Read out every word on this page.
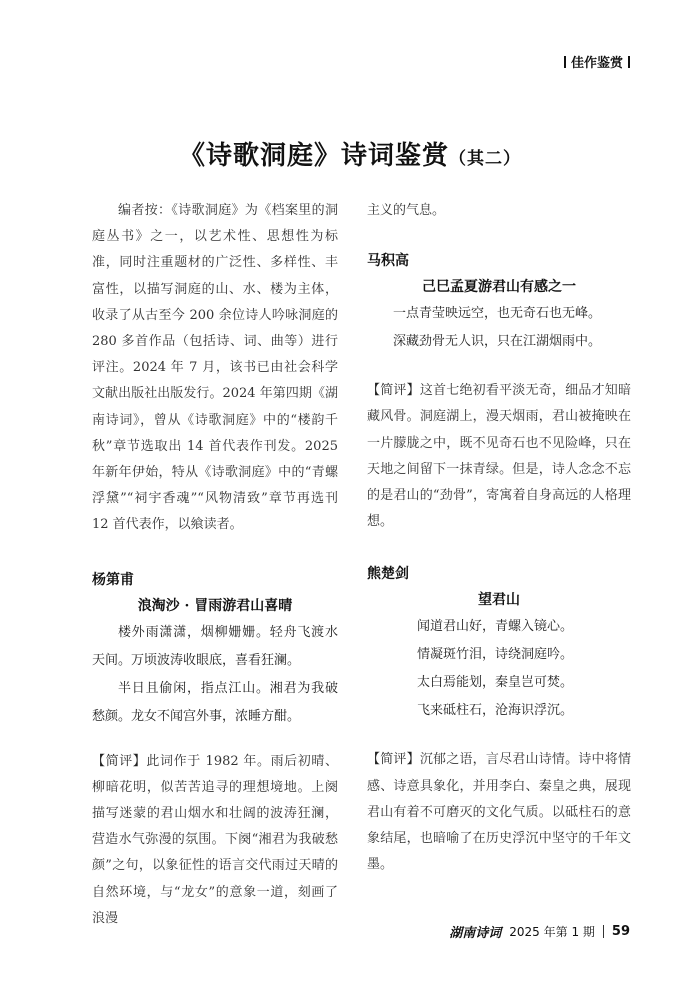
佳作鉴赏
《诗歌洞庭》诗词鉴赏（其二）

编者按：《诗歌洞庭》为《档案里的洞庭丛书》之一，以艺术性、思想性为标准，同时注重题材的广泛性、多样性、丰富性，以描写洞庭的山、水、楼为主体，收录了从古至今 200 余位诗人吟咏洞庭的 280 多首作品（包括诗、词、曲等）进行评注。2024 年 7 月，该书已由社会科学文献出版社出版发行。2024 年第四期《湖南诗词》，曾从《诗歌洞庭》中的“楼韵千秋”章节选取出 14 首代表作刊发。2025 年新年伊始，特从《诗歌洞庭》中的“青螺浮黛”“祠宇香魂”“风物清致”章节再选刊 12 首代表作，以飨读者。

杨第甫

浪淘沙 · 冒雨游君山喜晴

楼外雨潇潇，烟柳姗姗。轻舟飞渡水天间。万顷波涛收眼底，喜看狂澜。

半日且偷闲，指点江山。湘君为我破愁颜。龙女不闻宫外事，浓睡方酣。

【简评】此词作于 1982 年。雨后初晴、柳暗花明，似苦苦追寻的理想境地。上阕描写迷蒙的君山烟水和壮阔的波涛狂澜，营造水气弥漫的氛围。下阕“湘君为我破愁颜”之句，以象征性的语言交代雨过天晴的自然环境，与“龙女”的意象一道，刻画了浪漫

主义的气息。

马积高

己巳孟夏游君山有感之一

一点青莹映远空，也无奇石也无峰。

深藏劲骨无人识，只在江湖烟雨中。

【简评】这首七绝初看平淡无奇，细品才知暗藏风骨。洞庭湖上，漫天烟雨，君山被掩映在一片朦胧之中，既不见奇石也不见险峰，只在天地之间留下一抹青绿。但是，诗人念念不忘的是君山的“劲骨”，寄寓着自身高远的人格理想。

熊楚剑

望君山

闻道君山好，青螺入镜心。

情凝斑竹泪，诗绕洞庭吟。

太白焉能划，秦皇岂可焚。

飞来砥柱石，沧海识浮沉。

【简评】沉郁之语，言尽君山诗情。诗中将情感、诗意具象化，并用李白、秦皇之典，展现君山有着不可磨灭的文化气质。以砥柱石的意象结尾，也暗喻了在历史浮沉中坚守的千年文墨。

湖南诗词 2025 年第 1 期 59
